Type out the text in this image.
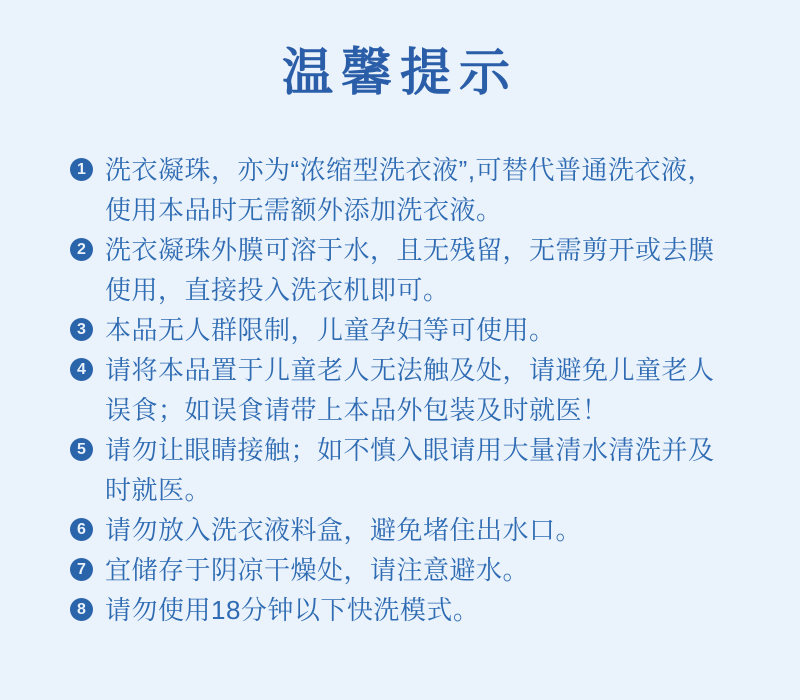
温馨提示
1 洗衣凝珠，亦为“浓缩型洗衣液”,可替代普通洗衣液，使用本品时无需额外添加洗衣液。
2 洗衣凝珠外膜可溶于水，且无残留，无需剪开或去膜使用，直接投入洗衣机即可。
3 本品无人群限制，儿童孕妇等可使用。
4 请将本品置于儿童老人无法触及处，请避免儿童老人误食；如误食请带上本品外包装及时就医！
5 请勿让眼睛接触；如不慎入眼请用大量清水清洗并及时就医。
6 请勿放入洗衣液料盒，避免堵住出水口。
7 宜储存于阴凉干燥处，请注意避水。
8 请勿使用18分钟以下快洗模式。
